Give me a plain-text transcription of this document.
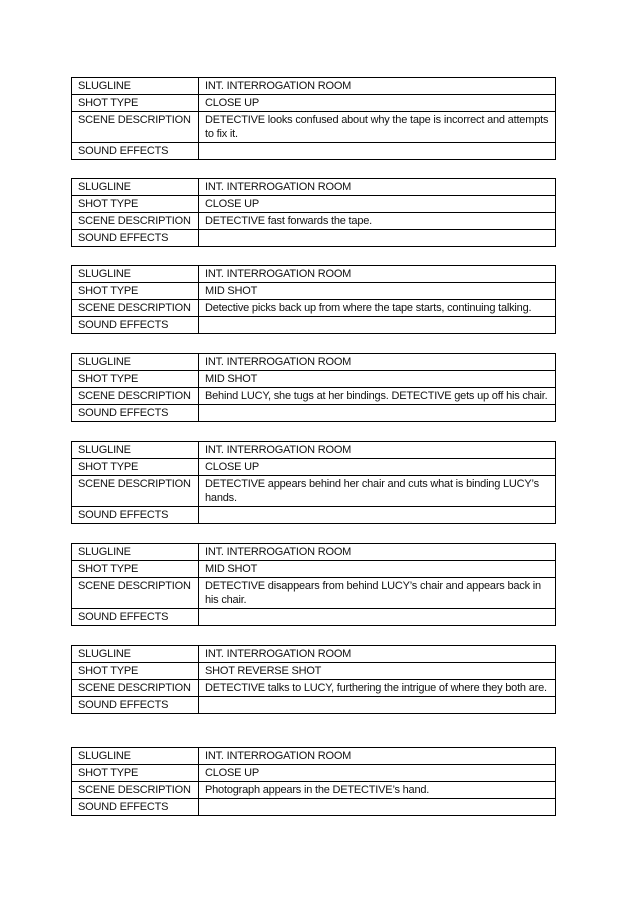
SLUGLINE	INT. INTERROGATION ROOM
SHOT TYPE	CLOSE UP
SCENE DESCRIPTION	DETECTIVE looks confused about why the tape is incorrect and attempts to fix it.
SOUND EFFECTS	
SLUGLINE	INT. INTERROGATION ROOM
SHOT TYPE	CLOSE UP
SCENE DESCRIPTION	DETECTIVE fast forwards the tape.
SOUND EFFECTS	
SLUGLINE	INT. INTERROGATION ROOM
SHOT TYPE	MID SHOT
SCENE DESCRIPTION	Detective picks back up from where the tape starts, continuing talking.
SOUND EFFECTS	
SLUGLINE	INT. INTERROGATION ROOM
SHOT TYPE	MID SHOT
SCENE DESCRIPTION	Behind LUCY, she tugs at her bindings. DETECTIVE gets up off his chair.
SOUND EFFECTS	
SLUGLINE	INT. INTERROGATION ROOM
SHOT TYPE	CLOSE UP
SCENE DESCRIPTION	DETECTIVE appears behind her chair and cuts what is binding LUCY’s hands.
SOUND EFFECTS	
SLUGLINE	INT. INTERROGATION ROOM
SHOT TYPE	MID SHOT
SCENE DESCRIPTION	DETECTIVE disappears from behind LUCY’s chair and appears back in his chair.
SOUND EFFECTS	
SLUGLINE	INT. INTERROGATION ROOM
SHOT TYPE	SHOT REVERSE SHOT
SCENE DESCRIPTION	DETECTIVE talks to LUCY, furthering the intrigue of where they both are.
SOUND EFFECTS	
SLUGLINE	INT. INTERROGATION ROOM
SHOT TYPE	CLOSE UP
SCENE DESCRIPTION	Photograph appears in the DETECTIVE’s hand.
SOUND EFFECTS	
